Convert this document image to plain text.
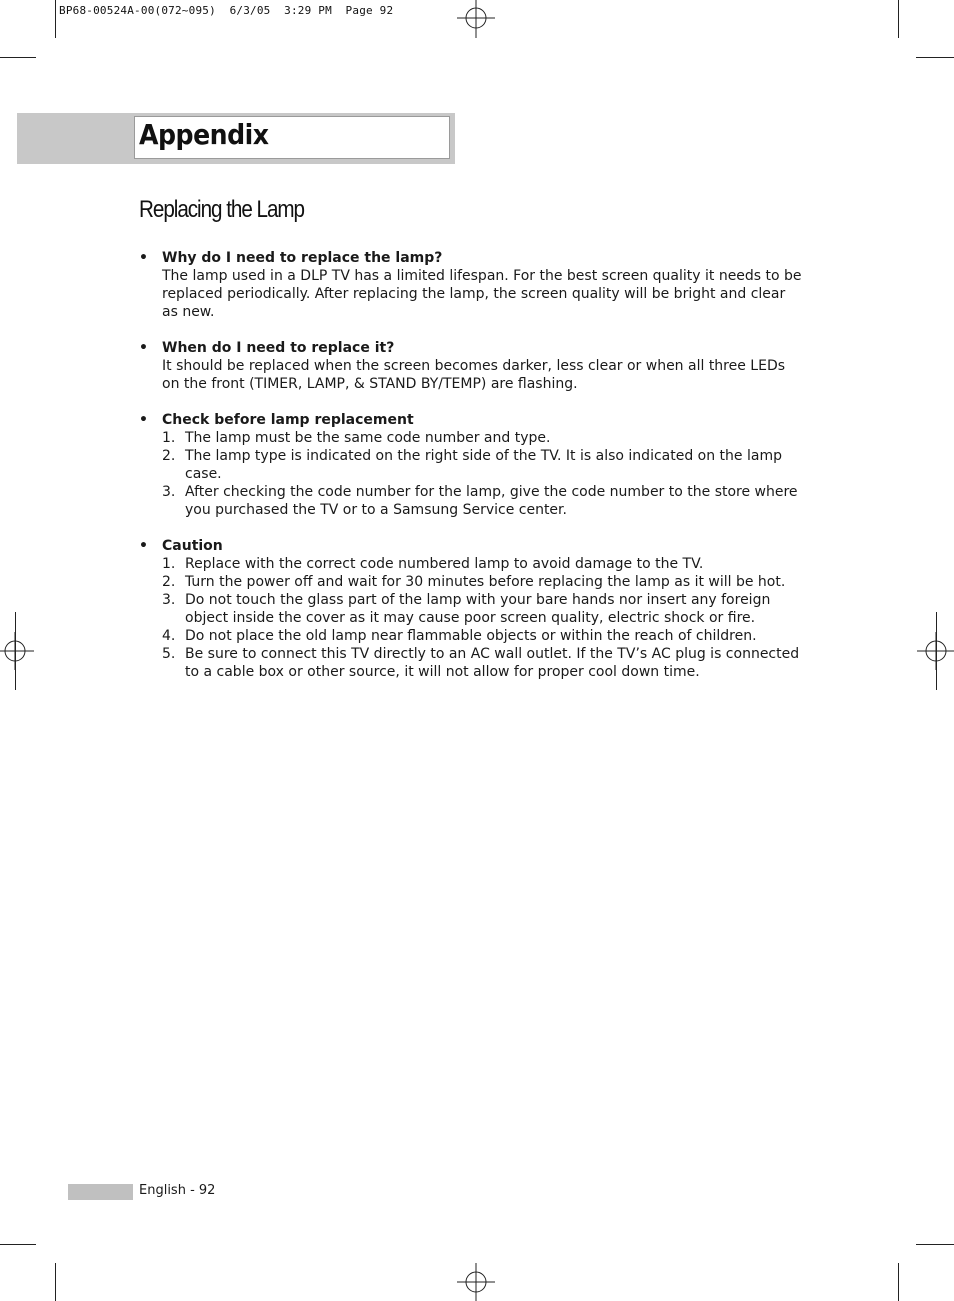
BP68-00524A-00(072~095)  6/3/05  3:29 PM  Page 92
Appendix
Replacing the Lamp
•	Why do I need to replace the lamp?
The lamp used in a DLP TV has a limited lifespan. For the best screen quality it needs to be replaced periodically. After replacing the lamp, the screen quality will be bright and clear as new.
•	When do I need to replace it?
It should be replaced when the screen becomes darker, less clear or when all three LEDs on the front (TIMER, LAMP, & STAND BY/TEMP) are flashing.
•	Check before lamp replacement
1. The lamp must be the same code number and type.
2. The lamp type is indicated on the right side of the TV. It is also indicated on the lamp case.
3. After checking the code number for the lamp, give the code number to the store where you purchased the TV or to a Samsung Service center.
•	Caution
1. Replace with the correct code numbered lamp to avoid damage to the TV.
2. Turn the power off and wait for 30 minutes before replacing the lamp as it will be hot.
3. Do not touch the glass part of the lamp with your bare hands nor insert any foreign object inside the cover as it may cause poor screen quality, electric shock or fire.
4. Do not place the old lamp near flammable objects or within the reach of children.
5. Be sure to connect this TV directly to an AC wall outlet. If the TV’s AC plug is connected to a cable box or other source, it will not allow for proper cool down time.
English - 92
